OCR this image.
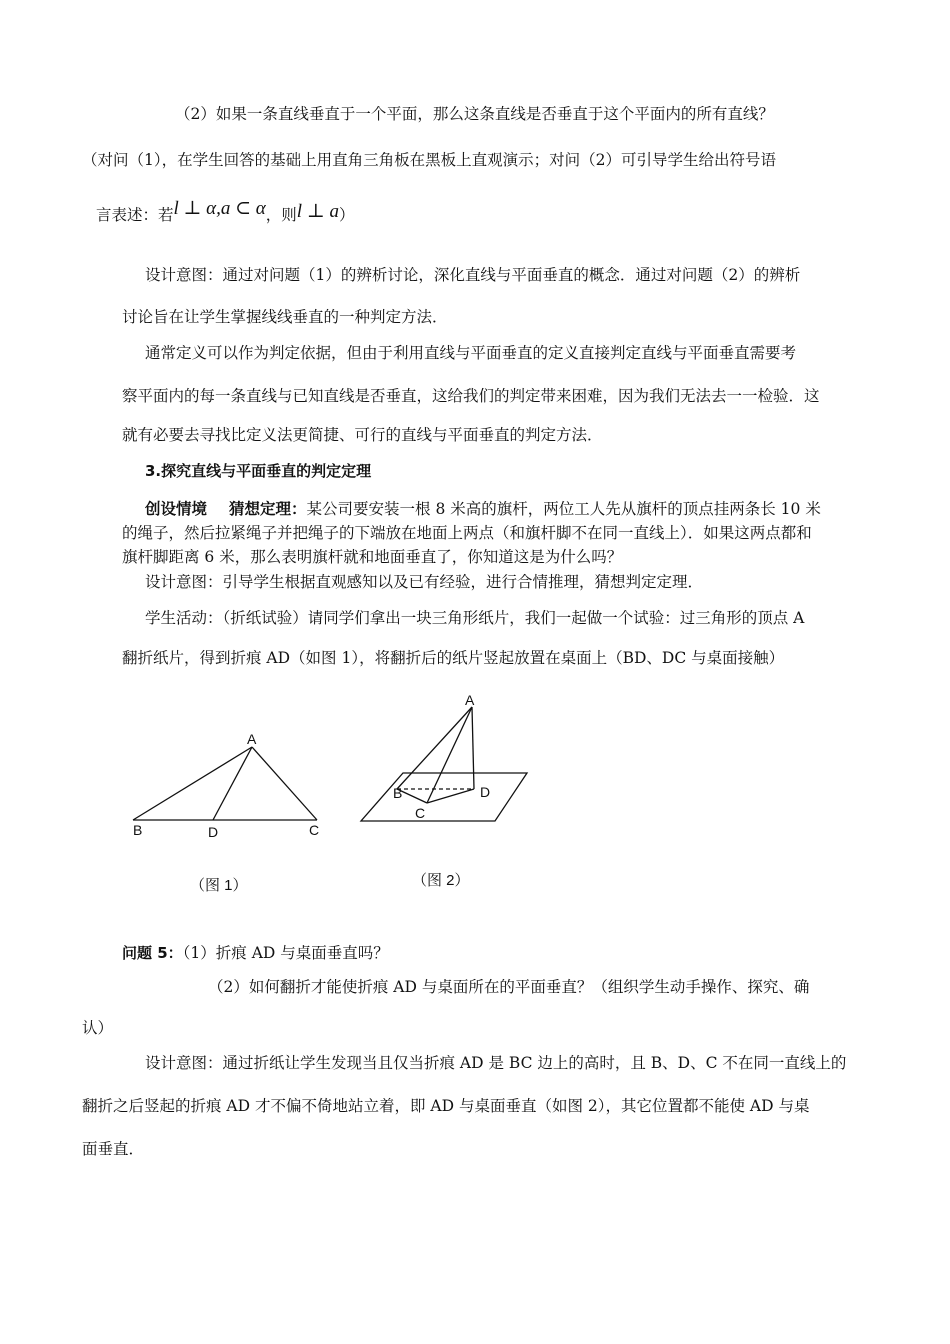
（2）如果一条直线垂直于一个平面，那么这条直线是否垂直于这个平面内的所有直线？
（对问（1），在学生回答的基础上用直角三角板在黑板上直观演示；对问（2）可引导学生给出符号语
言表述：若l ⊥ α,a ⊂ α，则l ⊥ a）
设计意图：通过对问题（1）的辨析讨论，深化直线与平面垂直的概念．通过对问题（2）的辨析
讨论旨在让学生掌握线线垂直的一种判定方法．
通常定义可以作为判定依据，但由于利用直线与平面垂直的定义直接判定直线与平面垂直需要考
察平面内的每一条直线与已知直线是否垂直，这给我们的判定带来困难，因为我们无法去一一检验．这
就有必要去寻找比定义法更简捷、可行的直线与平面垂直的判定方法．
3.探究直线与平面垂直的判定定理
创设情境 猜想定理：某公司要安装一根 8 米高的旗杆，两位工人先从旗杆的顶点挂两条长 10 米
的绳子，然后拉紧绳子并把绳子的下端放在地面上两点（和旗杆脚不在同一直线上）．如果这两点都和
旗杆脚距离 6 米，那么表明旗杆就和地面垂直了，你知道这是为什么吗？
设计意图：引导学生根据直观感知以及已有经验，进行合情推理，猜想判定定理．
学生活动：（折纸试验）请同学们拿出一块三角形纸片，我们一起做一个试验：过三角形的顶点 A
翻折纸片，得到折痕 AD（如图 1），将翻折后的纸片竖起放置在桌面上（BD、DC 与桌面接触）
A
B	D	C
（图 1）
A
B	D
C
（图 2）
问题 5：（1）折痕 AD 与桌面垂直吗？
（2）如何翻折才能使折痕 AD 与桌面所在的平面垂直？（组织学生动手操作、探究、确
认）
设计意图：通过折纸让学生发现当且仅当折痕 AD 是 BC 边上的高时，且 B、D、C 不在同一直线上的
翻折之后竖起的折痕 AD 才不偏不倚地站立着，即 AD 与桌面垂直（如图 2），其它位置都不能使 AD 与桌
面垂直．
